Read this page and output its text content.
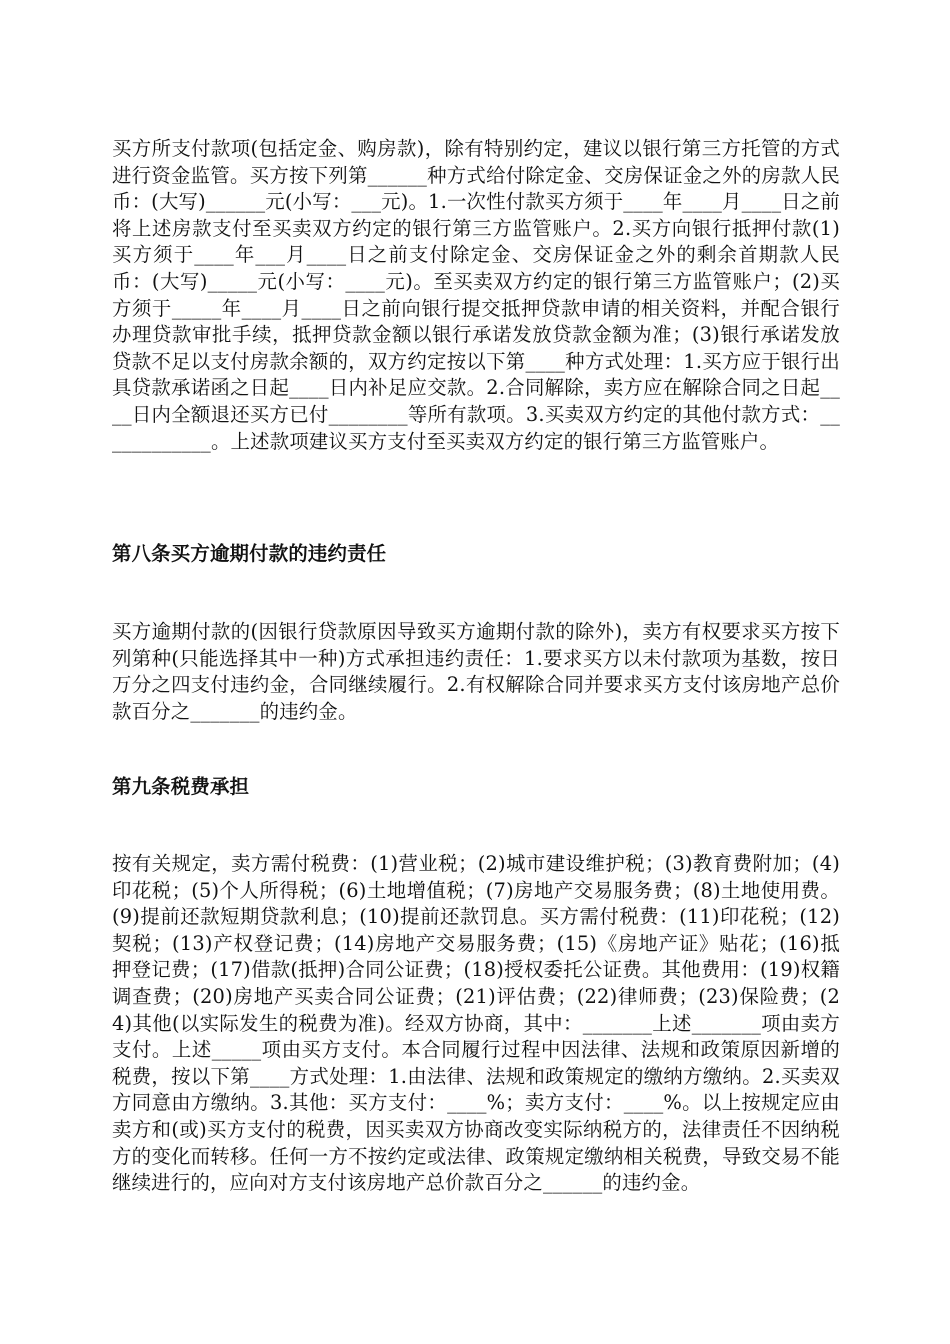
买方所支付款项(包括定金、购房款)，除有特别约定，建议以银行第三方托管的方式进行资金监管。买方按下列第______种方式给付除定金、交房保证金之外的房款人民币：(大写)______元(小写：___元)。1.一次性付款买方须于____年____月____日之前将上述房款支付至买卖双方约定的银行第三方监管账户。2.买方向银行抵押付款(1)买方须于____年___月____日之前支付除定金、交房保证金之外的剩余首期款人民币：(大写)_____元(小写：____元)。至买卖双方约定的银行第三方监管账户；(2)买方须于_____年____月____日之前向银行提交抵押贷款申请的相关资料，并配合银行办理贷款审批手续，抵押贷款金额以银行承诺发放贷款金额为准；(3)银行承诺发放贷款不足以支付房款余额的，双方约定按以下第____种方式处理：1.买方应于银行出具贷款承诺函之日起____日内补足应交款。2.合同解除，卖方应在解除合同之日起____日内全额退还买方已付________等所有款项。3.买卖双方约定的其他付款方式：____________。上述款项建议买方支付至买卖双方约定的银行第三方监管账户。

第八条买方逾期付款的违约责任

买方逾期付款的(因银行贷款原因导致买方逾期付款的除外)，卖方有权要求买方按下列第种(只能选择其中一种)方式承担违约责任：1.要求买方以未付款项为基数，按日万分之四支付违约金，合同继续履行。2.有权解除合同并要求买方支付该房地产总价款百分之_______的违约金。

第九条税费承担

按有关规定，卖方需付税费：(1)营业税；(2)城市建设维护税；(3)教育费附加；(4)印花税；(5)个人所得税；(6)土地增值税；(7)房地产交易服务费；(8)土地使用费。(9)提前还款短期贷款利息；(10)提前还款罚息。买方需付税费：(11)印花税；(12)契税；(13)产权登记费；(14)房地产交易服务费；(15)《房地产证》贴花；(16)抵押登记费；(17)借款(抵押)合同公证费；(18)授权委托公证费。其他费用：(19)权籍调查费；(20)房地产买卖合同公证费；(21)评估费；(22)律师费；(23)保险费；(24)其他(以实际发生的税费为准)。经双方协商，其中：_______上述_______项由卖方支付。上述_____项由买方支付。本合同履行过程中因法律、法规和政策原因新增的税费，按以下第____方式处理：1.由法律、法规和政策规定的缴纳方缴纳。2.买卖双方同意由方缴纳。3.其他：买方支付：____%；卖方支付：____%。以上按规定应由卖方和(或)买方支付的税费，因买卖双方协商改变实际纳税方的，法律责任不因纳税方的变化而转移。任何一方不按约定或法律、政策规定缴纳相关税费，导致交易不能继续进行的，应向对方支付该房地产总价款百分之______的违约金。
